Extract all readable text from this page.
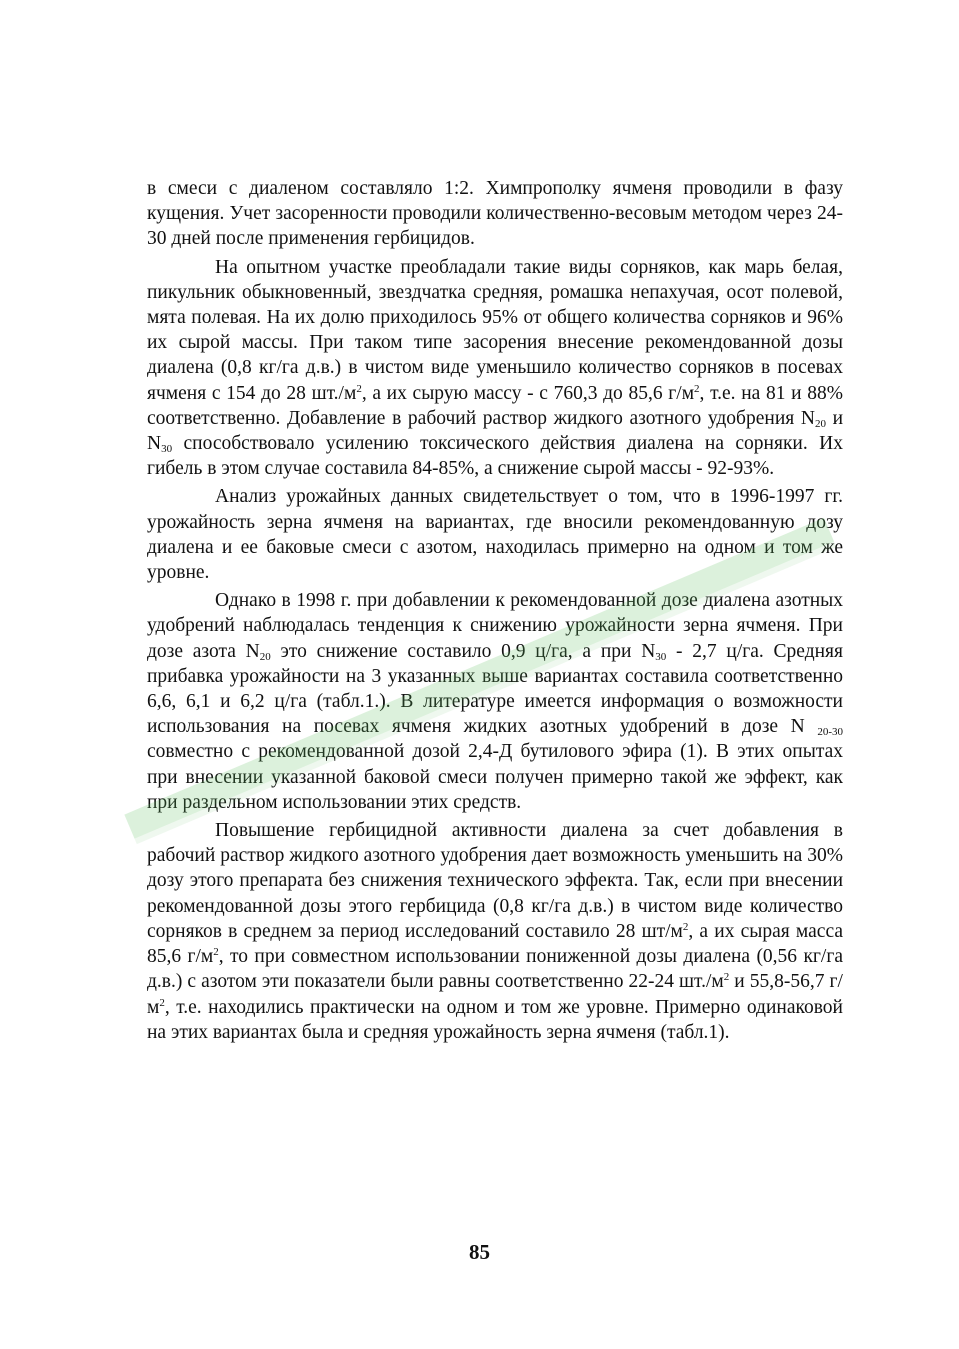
в смеси с диаленом составляло 1:2. Химпрополку ячменя проводили в фазу кущения. Учет засоренности проводили количественно-весовым методом через 24-30 дней после применения гербицидов.

На опытном участке преобладали такие виды сорняков, как марь белая, пикульник обыкновенный, звездчатка средняя, ромашка непахучая, осот полевой, мята полевая. На их долю приходилось 95% от общего количества сорняков и 96% их сырой массы. При таком типе засорения внесение рекомендованной дозы диалена (0,8 кг/га д.в.) в чистом виде уменьшило количество сорняков в посевах ячменя с 154 до 28 $шт./м^2$, а их сырую массу - с 760,3 до 85,6 $г/м^2$, т.е. на 81 и 88% соответственно. Добавление в рабочий раствор жидкого азотного удобрения $N_{20}$ и $N_{30}$ способствовало усилению токсического действия диалена на сорняки. Их гибель в этом случае составила 84-85%, а снижение сырой массы - 92-93%.

Анализ урожайных данных свидетельствует о том, что в 1996-1997 гг. урожайность зерна ячменя на вариантах, где вносили рекомендованную дозу диалена и ее баковые смеси с азотом, находилась примерно на одном и том же уровне.

Однако в 1998 г. при добавлении к рекомендованной дозе диалена азотных удобрений наблюдалась тенденция к снижению урожайности зерна ячменя. При дозе азота $N_{20}$ это снижение составило 0,9 ц/га, а при $N_{30} - 2,7$ ц/га. Средняя прибавка урожайности на 3 указанных выше вариантах составила соответственно 6,6, 6,1 и 6,2 ц/га (табл.1.). В литературе имеется информация о возможности использования на посевах ячменя жидких азотных удобрений в дозе N $_{20-30}$ совместно с рекомендованной дозой 2,4-Д бутилового эфира (1). В этих опытах при внесении указанной баковой смеси получен примерно такой же эффект, как при раздельном использовании этих средств.

Повышение гербицидной активности диалена за счет добавления в рабочий раствор жидкого азотного удобрения дает возможность уменьшить на 30% дозу этого препарата без снижения технического эффекта. Так, если при внесении рекомендованной дозы этого гербицида (0,8 кг/га д.в.) в чистом виде количество сорняков в среднем за период исследований составило 28 $шт/м^2$, а их сырая масса 85,6 $г/м^2$, то при совместном использовании пониженной дозы диалена (0,56 кг/га д.в.) с азотом эти показатели были равны соответственно 22-24 $шт./м^2$ и 55,8-56,7 $г/м^2$, т.е. находились практически на одном и том же уровне. Примерно одинаковой на этих вариантах была и средняя урожайность зерна ячменя (табл.1).

85
